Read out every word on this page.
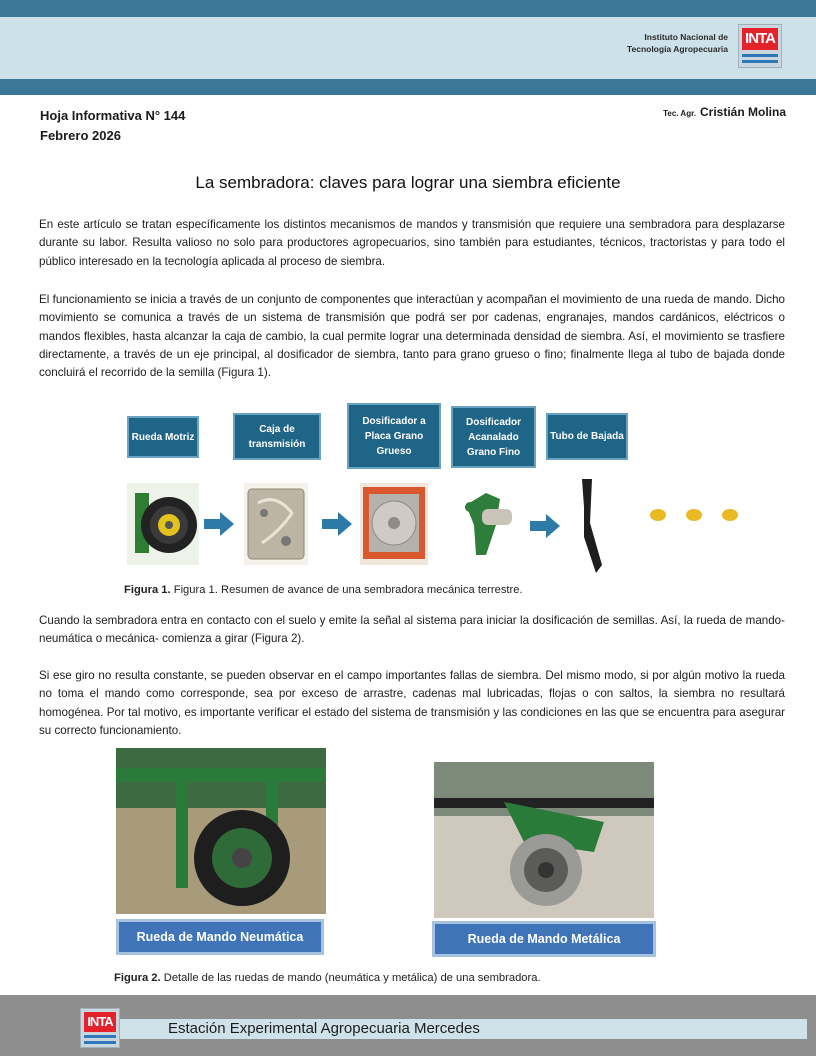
Instituto Nacional de
Tecnología Agropecuaria
INTA
Hoja Informativa N° 144
Febrero 2026
Tec. Agr. Cristián Molina
La sembradora: claves para lograr una siembra eficiente

En este artículo se tratan específicamente los distintos mecanismos de mandos y transmisión que requiere una sembradora para desplazarse durante su labor. Resulta valioso no solo para productores agropecuarios, sino también para estudiantes, técnicos, tractoristas y para todo el público interesado en la tecnología aplicada al proceso de siembra.

El funcionamiento se inicia a través de un conjunto de componentes que interactúan y acompañan el movimiento de una rueda de mando. Dicho movimiento se comunica a través de un sistema de transmisión que podrá ser por cadenas, engranajes, mandos cardánicos, eléctricos o mandos flexibles, hasta alcanzar la caja de cambio, la cual permite lograr una determinada densidad de siembra. Así, el movimiento se trasfiere directamente, a través de un eje principal, al dosificador de siembra, tanto para grano grueso o fino; finalmente llega al tubo de bajada donde concluirá el recorrido de la semilla (Figura 1).

Rueda Motriz
Caja de transmisión
Dosificador a Placa Grano Grueso
Dosificador Acanalado Grano Fino
Tubo de Bajada
Figura 1. Figura 1. Resumen de avance de una sembradora mecánica terrestre.

Cuando la sembradora entra en contacto con el suelo y emite la señal al sistema para iniciar la dosificación de semillas. Así, la rueda de mando- neumática o mecánica- comienza a girar (Figura 2).

Si ese giro no resulta constante, se pueden observar en el campo importantes fallas de siembra. Del mismo modo, si por algún motivo la rueda no toma el mando como corresponde, sea por exceso de arrastre, cadenas mal lubricadas, flojas o con saltos, la siembra no resultará homogénea. Por tal motivo, es importante verificar el estado del sistema de transmisión y las condiciones en las que se encuentra para asegurar su correcto funcionamiento.

Rueda de Mando Neumática	Rueda de Mando Metálica
Figura 2. Detalle de las ruedas de mando (neumática y metálica) de una sembradora.
INTA	Estación Experimental Agropecuaria Mercedes
